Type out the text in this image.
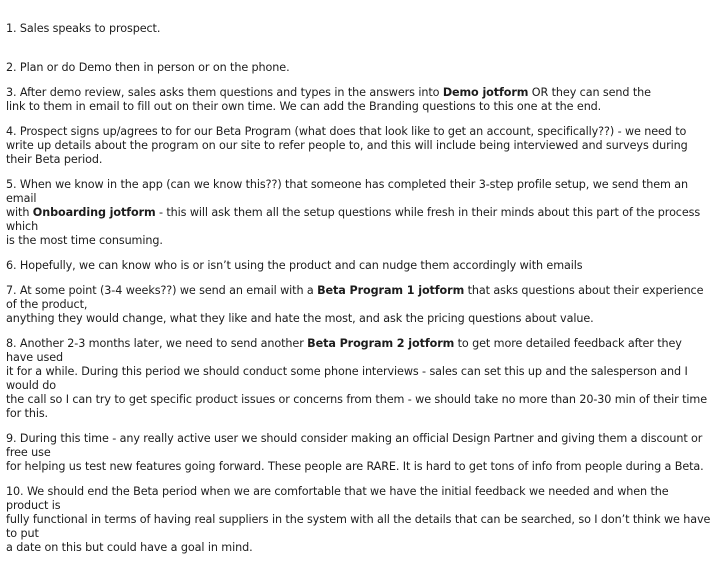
1. Sales speaks to prospect.

2. Plan or do Demo then in person or on the phone.

3. After demo review, sales asks them questions and types in the answers into Demo jotform OR they can send the
link to them in email to fill out on their own time. We can add the Branding questions to this one at the end.

4. Prospect signs up/agrees to for our Beta Program (what does that look like to get an account, specifically??) - we need to
write up details about the program on our site to refer people to, and this will include being interviewed and surveys during
their Beta period.

5. When we know in the app (can we know this??) that someone has completed their 3-step profile setup, we send them an email
with Onboarding jotform - this will ask them all the setup questions while fresh in their minds about this part of the process which
is the most time consuming.

6. Hopefully, we can know who is or isn’t using the product and can nudge them accordingly with emails

7. At some point (3-4 weeks??) we send an email with a Beta Program 1 jotform that asks questions about their experience of the product,
anything they would change, what they like and hate the most, and ask the pricing questions about value.

8. Another 2-3 months later, we need to send another Beta Program 2 jotform to get more detailed feedback after they have used
it for a while. During this period we should conduct some phone interviews - sales can set this up and the salesperson and I would do
the call so I can try to get specific product issues or concerns from them - we should take no more than 20-30 min of their time for this.

9. During this time - any really active user we should consider making an official Design Partner and giving them a discount or free use
for helping us test new features going forward. These people are RARE. It is hard to get tons of info from people during a Beta.

10. We should end the Beta period when we are comfortable that we have the initial feedback we needed and when the product is
fully functional in terms of having real suppliers in the system with all the details that can be searched, so I don’t think we have to put
a date on this but could have a goal in mind.
